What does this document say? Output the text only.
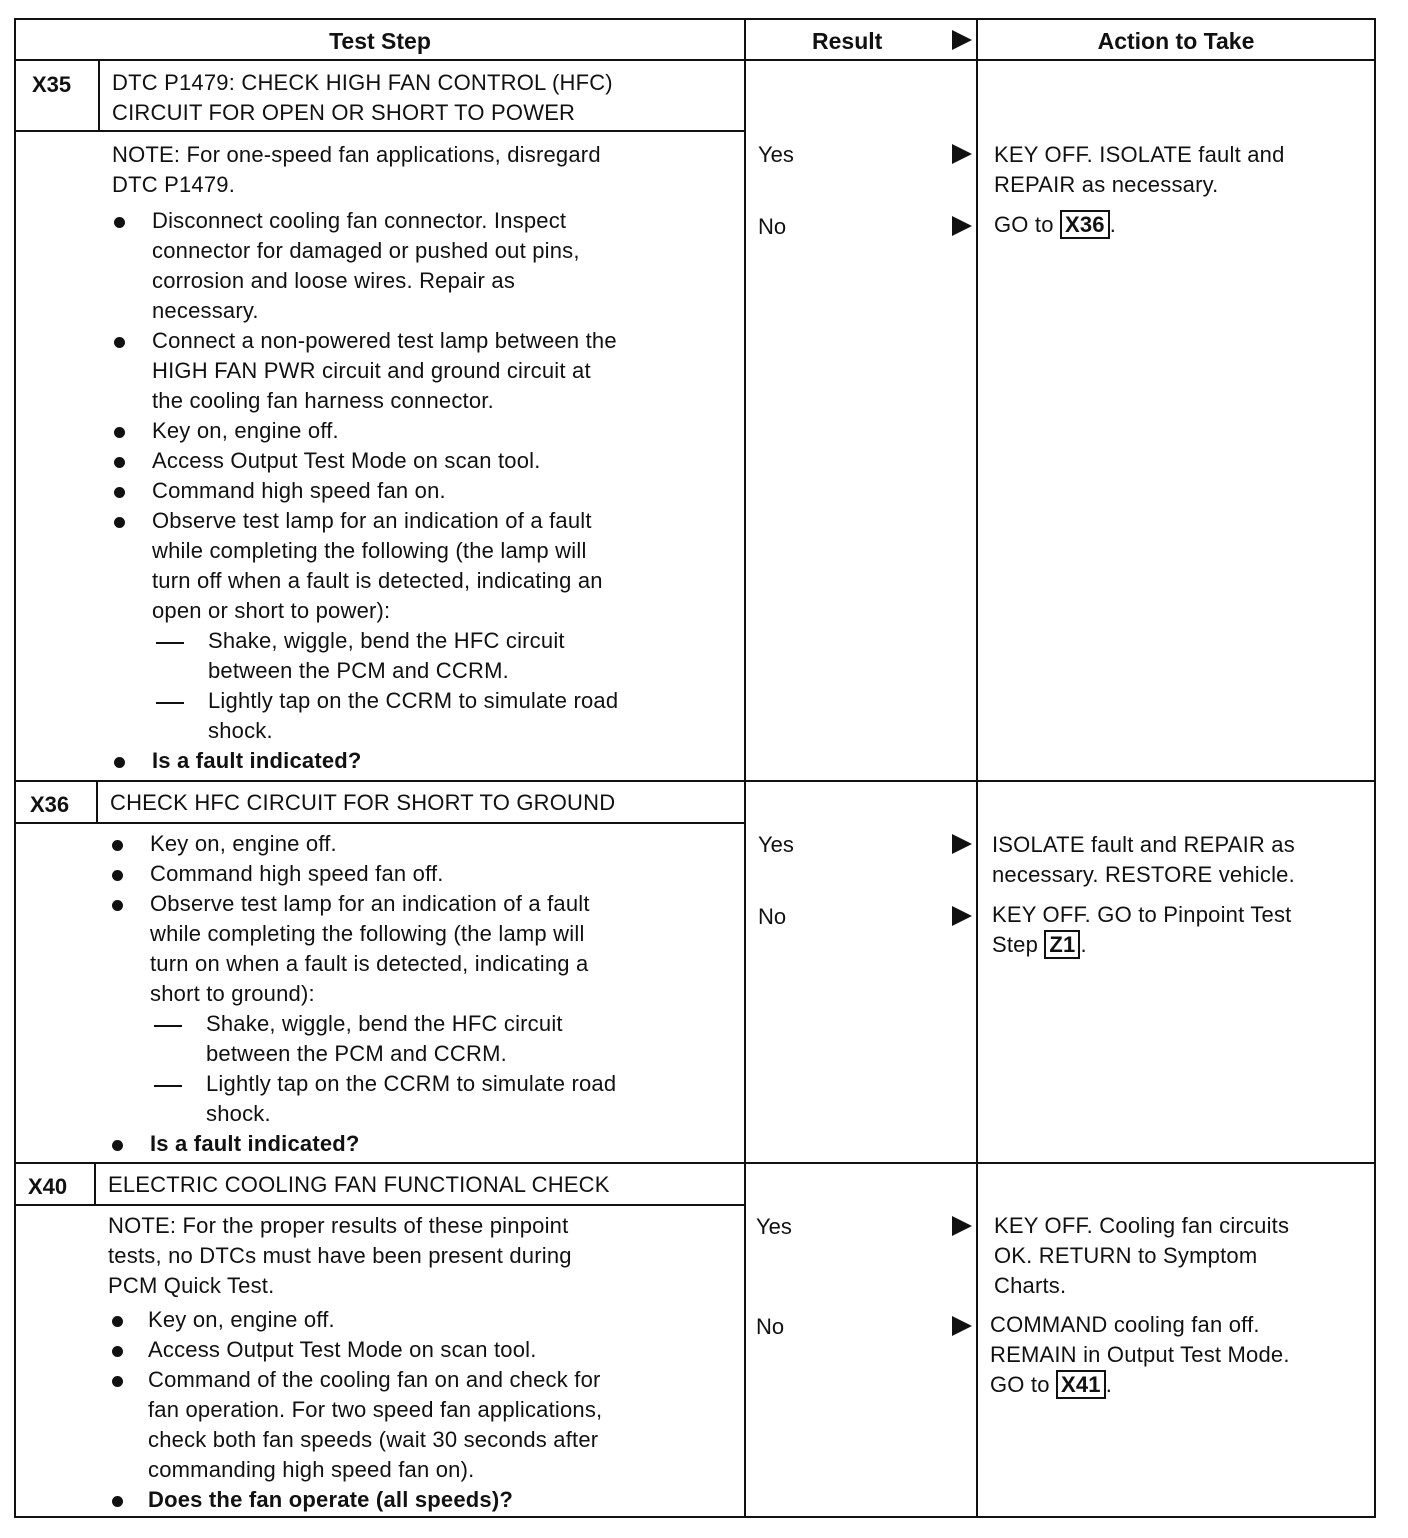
Test Step	Result	Action to Take
X35 DTC P1479: CHECK HIGH FAN CONTROL (HFC)
CIRCUIT FOR OPEN OR SHORT TO POWER
NOTE: For one-speed fan applications, disregard
DTC P1479.
Disconnect cooling fan connector. Inspect
connector for damaged or pushed out pins,
corrosion and loose wires. Repair as
necessary.
Connect a non-powered test lamp between the
HIGH FAN PWR circuit and ground circuit at
the cooling fan harness connector.
Key on, engine off.
Access Output Test Mode on scan tool.
Command high speed fan on.
Observe test lamp for an indication of a fault
while completing the following (the lamp will
turn off when a fault is detected, indicating an
open or short to power):
Shake, wiggle, bend the HFC circuit
between the PCM and CCRM.
Lightly tap on the CCRM to simulate road
shock.
Is a fault indicated?
Yes
No
KEY OFF. ISOLATE fault and
REPAIR as necessary.
GO to X36 .
X36 CHECK HFC CIRCUIT FOR SHORT TO GROUND
Key on, engine off.
Command high speed fan off.
Observe test lamp for an indication of a fault
while completing the following (the lamp will
turn on when a fault is detected, indicating a
short to ground):
Shake, wiggle, bend the HFC circuit
between the PCM and CCRM.
Lightly tap on the CCRM to simulate road
shock.
Is a fault indicated?
Yes
No
ISOLATE fault and REPAIR as
necessary. RESTORE vehicle.
KEY OFF. GO to Pinpoint Test
Step Z1 .
X40 ELECTRIC COOLING FAN FUNCTIONAL CHECK
NOTE: For the proper results of these pinpoint
tests, no DTCs must have been present during
PCM Quick Test.
Key on, engine off.
Access Output Test Mode on scan tool.
Command of the cooling fan on and check for
fan operation. For two speed fan applications,
check both fan speeds (wait 30 seconds after
commanding high speed fan on).
Does the fan operate (all speeds)?
Yes
No
KEY OFF. Cooling fan circuits
OK. RETURN to Symptom
Charts.
COMMAND cooling fan off.
REMAIN in Output Test Mode.
GO to X41 .
